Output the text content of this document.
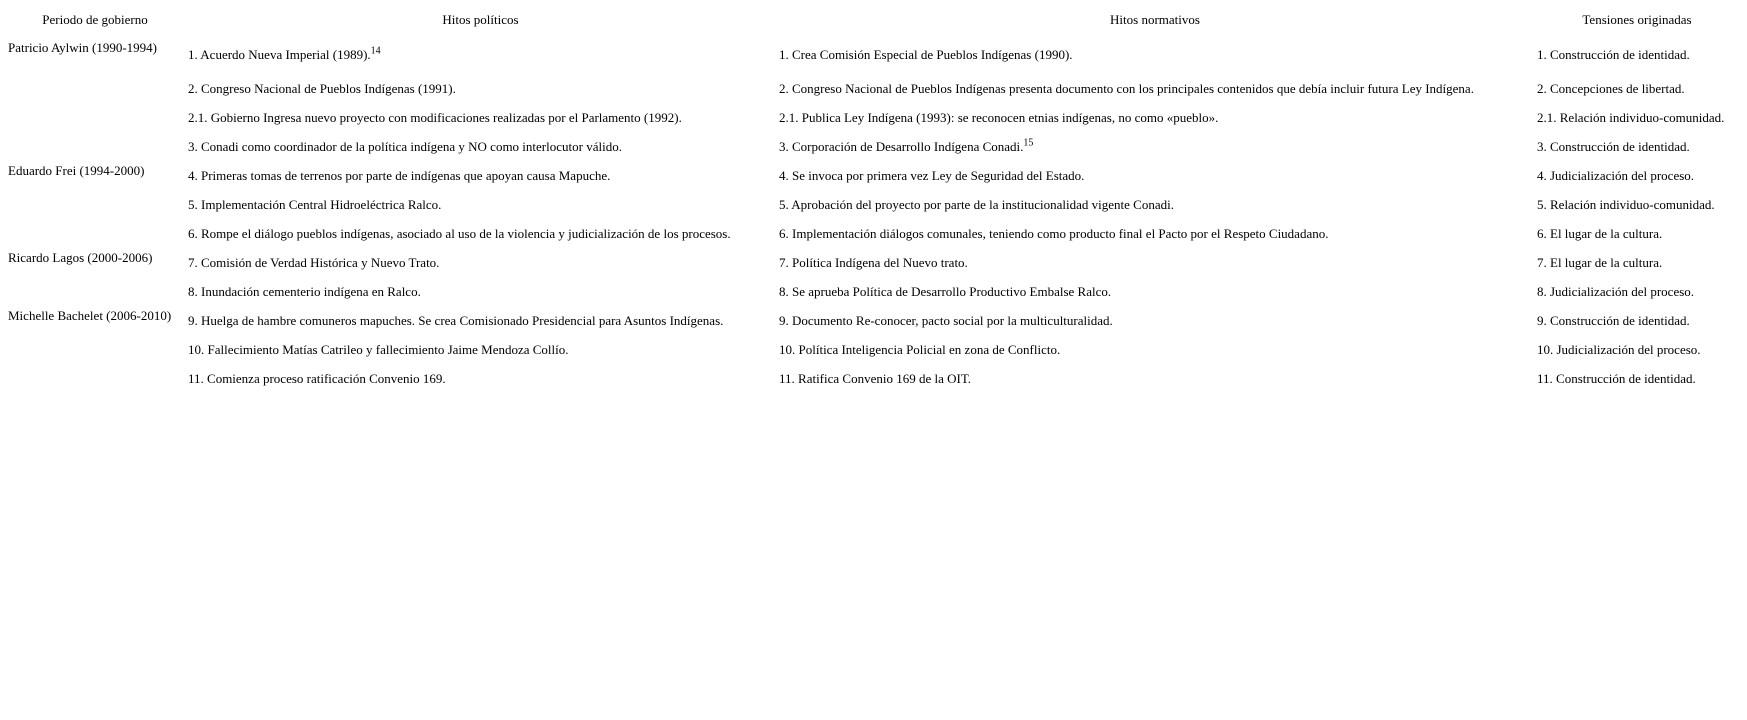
Periodo de gobierno	Hitos políticos	Hitos normativos	Tensiones originadas
Patricio Aylwin (1990-1994)	1. Acuerdo Nueva Imperial (1989).$^{14}$	1. Crea Comisión Especial de Pueblos Indígenas (1990).	1. Construcción de identidad.
	2. Congreso Nacional de Pueblos Indígenas (1991).	2. Congreso Nacional de Pueblos Indígenas presenta documento con los principales contenidos que debía incluir futura Ley Indígena.	2. Concepciones de libertad.
	2.1. Gobierno Ingresa nuevo proyecto con modificaciones realizadas por el Parlamento (1992).	2.1. Publica Ley Indígena (1993): se reconocen etnias indígenas, no como «pueblo».	2.1. Relación individuo-comunidad.
	3. Conadi como coordinador de la política indígena y NO como interlocutor válido.	3. Corporación de Desarrollo Indígena Conadi.$^{15}$	3. Construcción de identidad.
Eduardo Frei (1994-2000)	4. Primeras tomas de terrenos por parte de indígenas que apoyan causa Mapuche.	4. Se invoca por primera vez Ley de Seguridad del Estado.	4. Judicialización del proceso.
	5. Implementación Central Hidroeléctrica Ralco.	5. Aprobación del proyecto por parte de la institucionalidad vigente Conadi.	5. Relación individuo-comunidad.
	6. Rompe el diálogo pueblos indígenas, asociado al uso de la violencia y judicialización de los procesos.	6. Implementación diálogos comunales, teniendo como producto final el Pacto por el Respeto Ciudadano.	6. El lugar de la cultura.
Ricardo Lagos (2000-2006)	7. Comisión de Verdad Histórica y Nuevo Trato.	7. Política Indígena del Nuevo trato.	7. El lugar de la cultura.
	8. Inundación cementerio indígena en Ralco.	8. Se aprueba Política de Desarrollo Productivo Embalse Ralco.	8. Judicialización del proceso.
Michelle Bachelet (2006-2010)	9. Huelga de hambre comuneros mapuches. Se crea Comisionado Presidencial para Asuntos Indígenas.	9. Documento Re-conocer, pacto social por la multiculturalidad.	9. Construcción de identidad.
	10. Fallecimiento Matías Catrileo y fallecimiento Jaime Mendoza Collío.	10. Política Inteligencia Policial en zona de Conflicto.	10. Judicialización del proceso.
	11. Comienza proceso ratificación Convenio 169.	11. Ratifica Convenio 169 de la OIT.	11. Construcción de identidad.
